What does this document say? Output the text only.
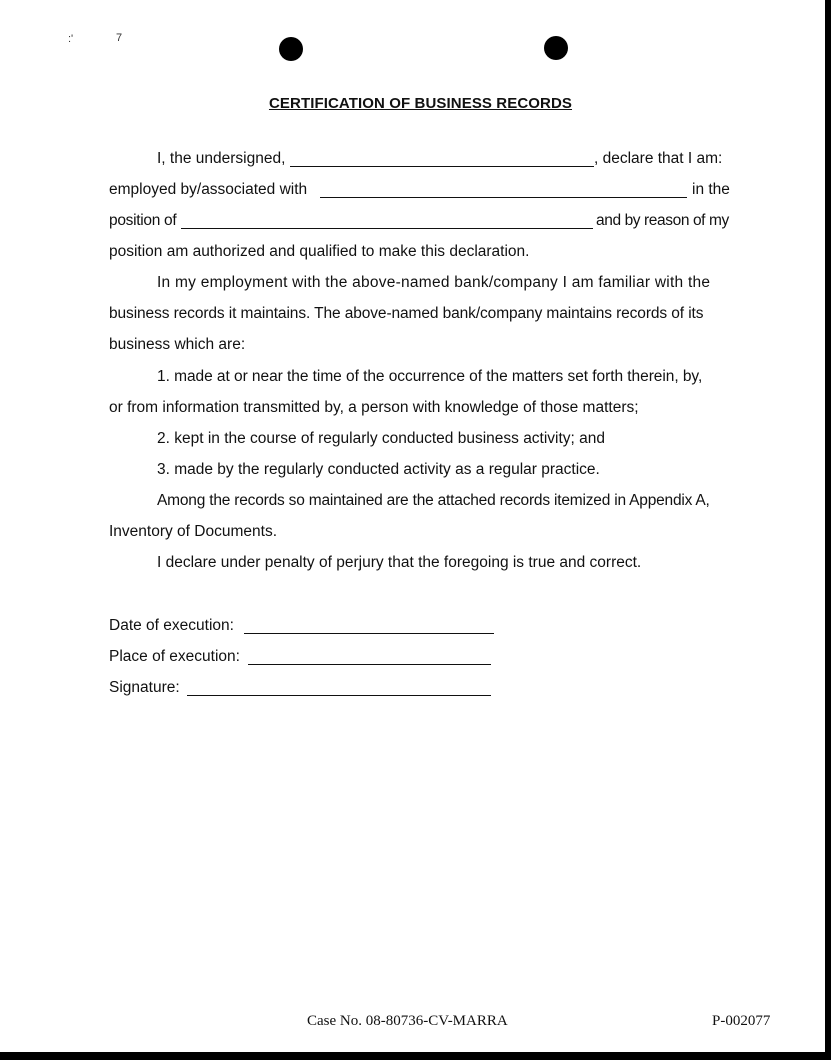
:'	7
CERTIFICATION OF BUSINESS RECORDS
I, the undersigned,	, declare that I am:
employed by/associated with	in the
position of	and by reason of my
position am authorized and qualified to make this declaration.
In my employment with the above-named bank/company I am familiar with the
business records it maintains. The above-named bank/company maintains records of its
business which are:
1. made at or near the time of the occurrence of the matters set forth therein, by,
or from information transmitted by, a person with knowledge of those matters;
2. kept in the course of regularly conducted business activity; and
3. made by the regularly conducted activity as a regular practice.
Among the records so maintained are the attached records itemized in Appendix A,
Inventory of Documents.
I declare under penalty of perjury that the foregoing is true and correct.
Date of execution:
Place of execution:
Signature:
Case No. 08-80736-CV-MARRA	P-002077
